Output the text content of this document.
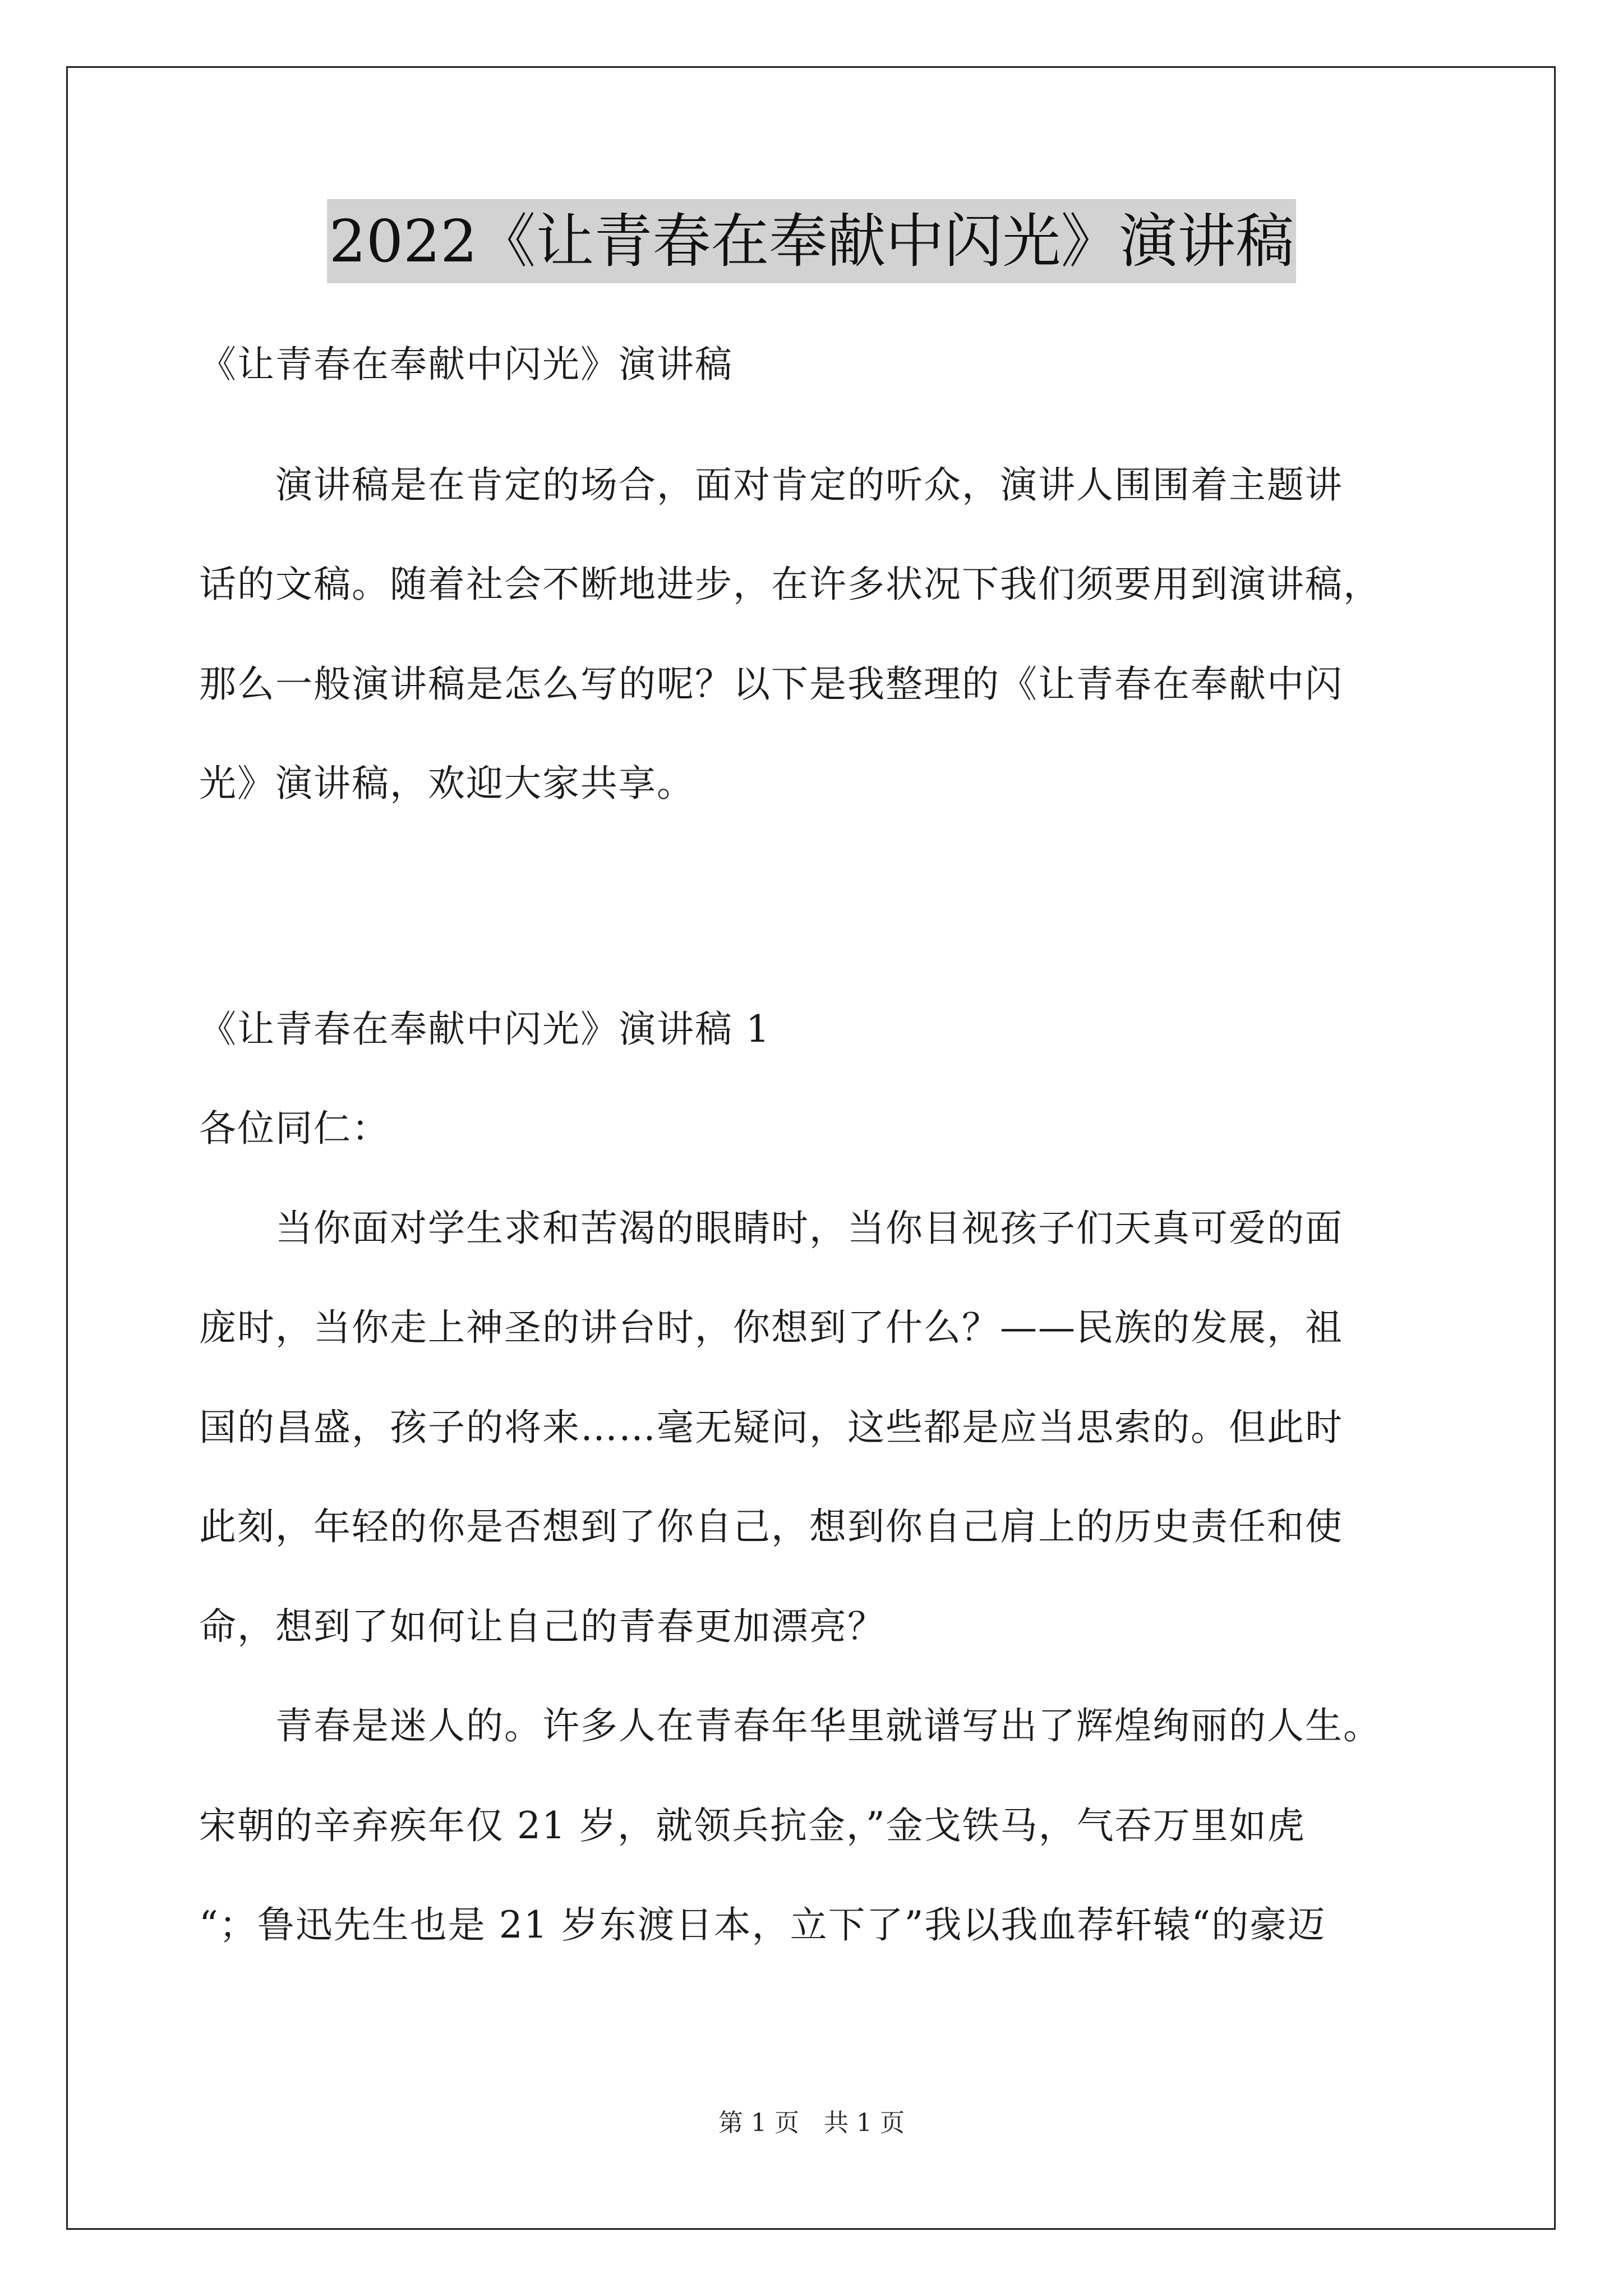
2022《让青春在奉献中闪光》演讲稿
《让青春在奉献中闪光》演讲稿
　　演讲稿是在肯定的场合，面对肯定的听众，演讲人围围着主题讲
话的文稿。随着社会不断地进步，在许多状况下我们须要用到演讲稿，
那么一般演讲稿是怎么写的呢？以下是我整理的《让青春在奉献中闪
光》演讲稿，欢迎大家共享。
《让青春在奉献中闪光》演讲稿 1
各位同仁：
　　当你面对学生求和苦渴的眼睛时，当你目视孩子们天真可爱的面
庞时，当你走上神圣的讲台时，你想到了什么？——民族的发展，祖
国的昌盛，孩子的将来……毫无疑问，这些都是应当思索的。但此时
此刻，年轻的你是否想到了你自己，想到你自己肩上的历史责任和使
命，想到了如何让自己的青春更加漂亮？
　　青春是迷人的。许多人在青春年华里就谱写出了辉煌绚丽的人生。
宋朝的辛弃疾年仅 21 岁，就领兵抗金，”金戈铁马，气吞万里如虎
“；鲁迅先生也是 21 岁东渡日本，立下了”我以我血荐轩辕“的豪迈
第 1 页　共 1 页
